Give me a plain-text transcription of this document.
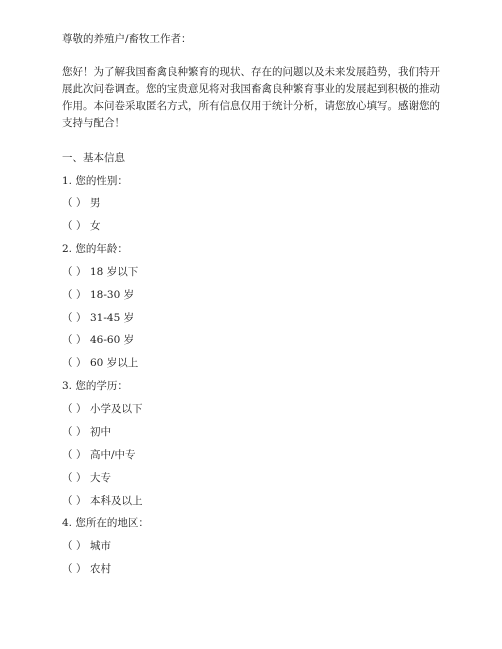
尊敬的养殖户/畜牧工作者：
您好！为了解我国畜禽良种繁育的现状、存在的问题以及未来发展趋势，我们特开
展此次问卷调查。您的宝贵意见将对我国畜禽良种繁育事业的发展起到积极的推动
作用。本问卷采取匿名方式，所有信息仅用于统计分析，请您放心填写。感谢您的
支持与配合！
一、基本信息
1. 您的性别：
（ ） 男
（ ） 女
2. 您的年龄：
（ ） 18 岁以下
（ ） 18-30 岁
（ ） 31-45 岁
（ ） 46-60 岁
（ ） 60 岁以上
3. 您的学历：
（ ） 小学及以下
（ ） 初中
（ ） 高中/中专
（ ） 大专
（ ） 本科及以上
4. 您所在的地区：
（ ） 城市
（ ） 农村
